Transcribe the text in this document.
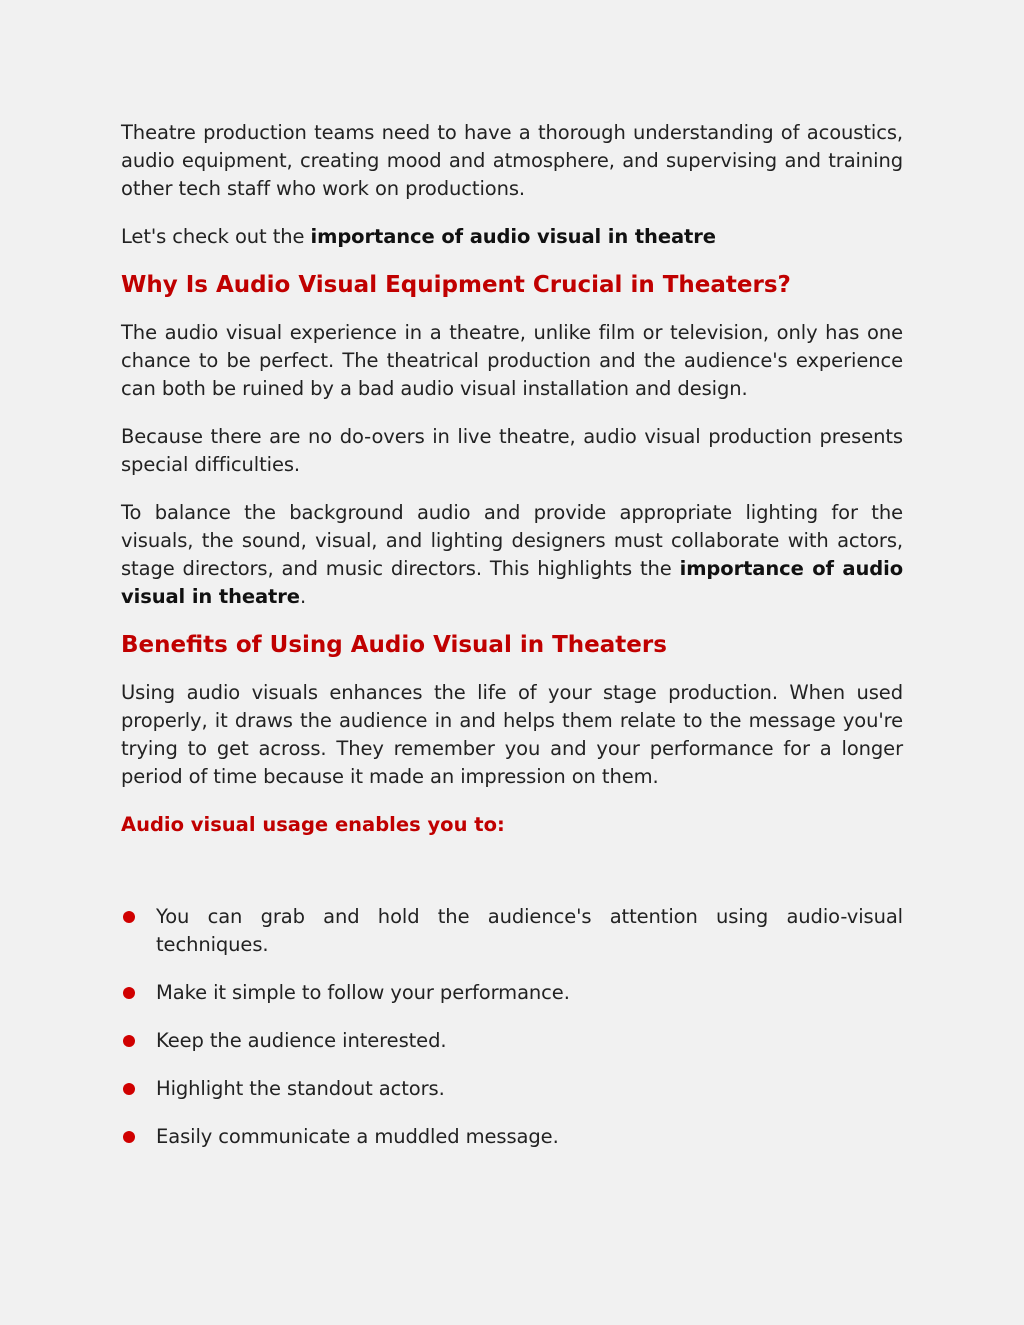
Theatre production teams need to have a thorough understanding of acoustics, audio equipment, creating mood and atmosphere, and supervising and training other tech staff who work on productions.

Let's check out the importance of audio visual in theatre

Why Is Audio Visual Equipment Crucial in Theaters?

The audio visual experience in a theatre, unlike film or television, only has one chance to be perfect. The theatrical production and the audience's experience can both be ruined by a bad audio visual installation and design.

Because there are no do-overs in live theatre, audio visual production presents special difficulties.

To balance the background audio and provide appropriate lighting for the visuals, the sound, visual, and lighting designers must collaborate with actors, stage directors, and music directors. This highlights the importance of audio visual in theatre.

Benefits of Using Audio Visual in Theaters

Using audio visuals enhances the life of your stage production. When used properly, it draws the audience in and helps them relate to the message you're trying to get across. They remember you and your performance for a longer period of time because it made an impression on them.

Audio visual usage enables you to:

You can grab and hold the audience's attention using audio-visual techniques.

Make it simple to follow your performance.

Keep the audience interested.

Highlight the standout actors.

Easily communicate a muddled message.
